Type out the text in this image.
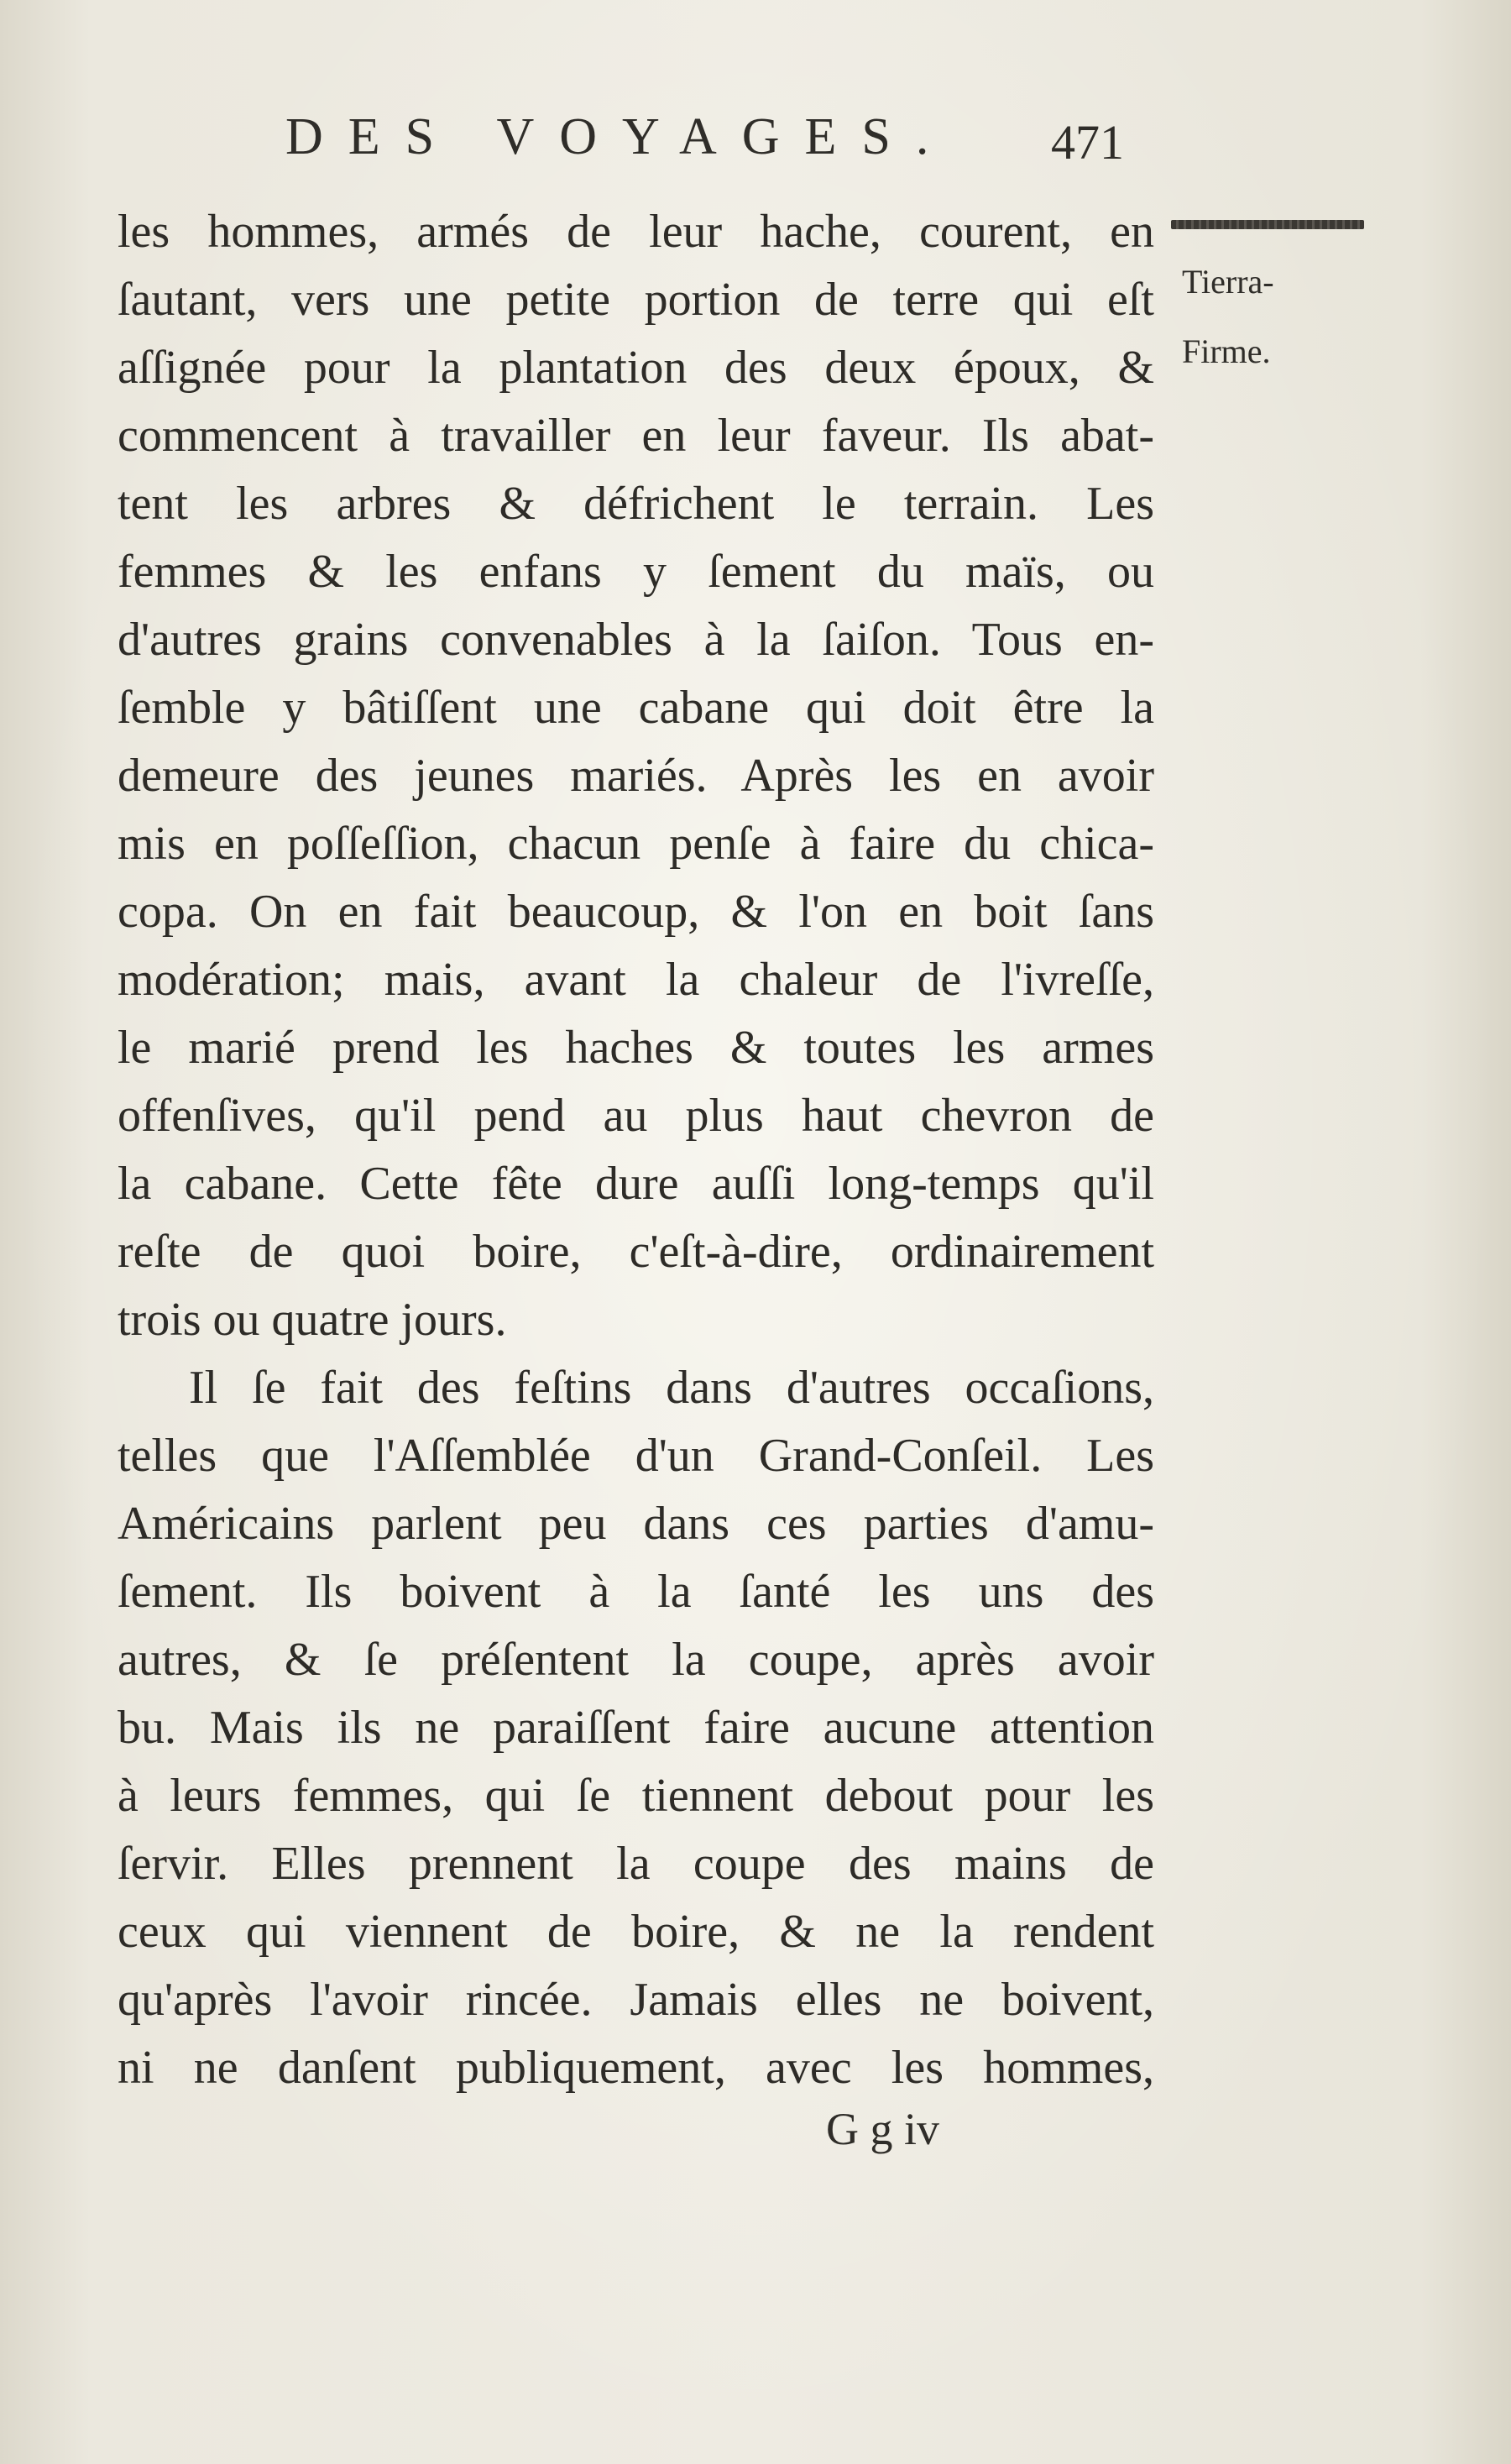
DES VOYAGES. 471
Tierra-
Firme.
les hommes, armés de leur hache, courent, en
ſautant, vers une petite portion de terre qui eſt
aſſignée pour la plantation des deux époux, &
commencent à travailler en leur faveur. Ils abat-
tent les arbres & défrichent le terrain. Les
femmes & les enfans y ſement du maïs, ou
d'autres grains convenables à la ſaiſon. Tous en-
ſemble y bâtiſſent une cabane qui doit être la
demeure des jeunes mariés. Après les en avoir
mis en poſſeſſion, chacun penſe à faire du chica-
copa. On en fait beaucoup, & l'on en boit ſans
modération; mais, avant la chaleur de l'ivreſſe,
le marié prend les haches & toutes les armes
offenſives, qu'il pend au plus haut chevron de
la cabane. Cette fête dure auſſi long-temps qu'il
reſte de quoi boire, c'eſt-à-dire, ordinairement
trois ou quatre jours.
Il ſe fait des feſtins dans d'autres occaſions,
telles que l'Aſſemblée d'un Grand-Conſeil. Les
Américains parlent peu dans ces parties d'amu-
ſement. Ils boivent à la ſanté les uns des
autres, & ſe préſentent la coupe, après avoir
bu. Mais ils ne paraiſſent faire aucune attention
à leurs femmes, qui ſe tiennent debout pour les
ſervir. Elles prennent la coupe des mains de
ceux qui viennent de boire, & ne la rendent
qu'après l'avoir rincée. Jamais elles ne boivent,
ni ne danſent publiquement, avec les hommes,
G g iv
